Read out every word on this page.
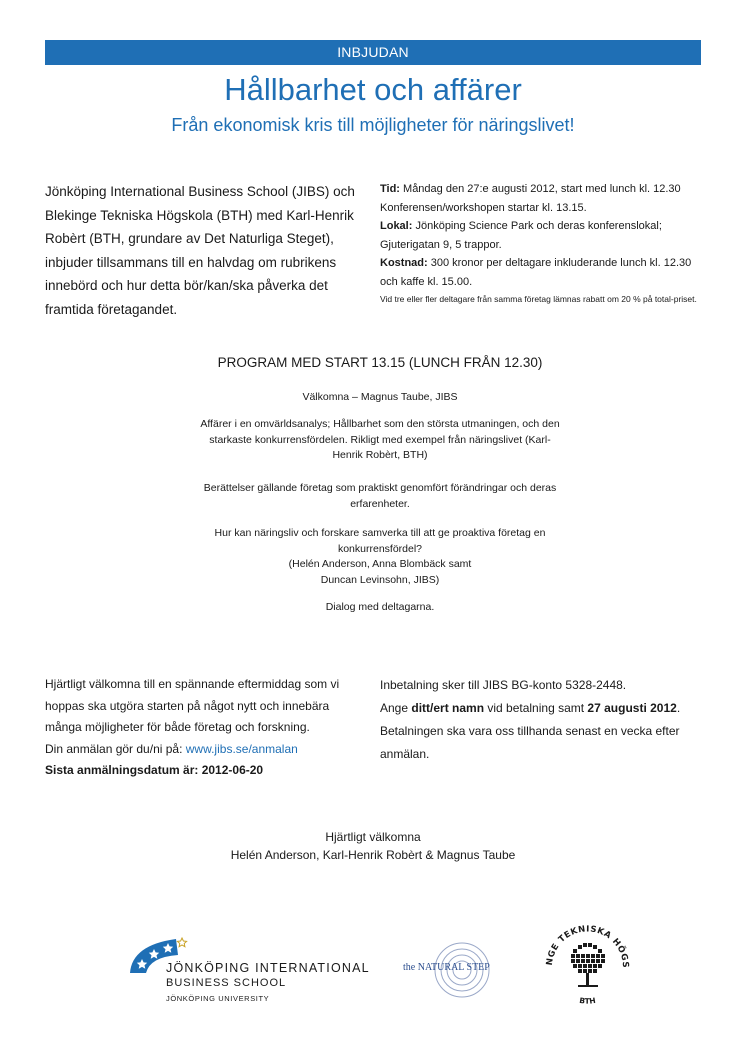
INBJUDAN
Hållbarhet och affärer
Från ekonomisk kris till möjligheter för näringslivet!
Jönköping International Business School (JIBS) och Blekinge Tekniska Högskola (BTH) med Karl-Henrik Robèrt (BTH, grundare av Det Naturliga Steget), inbjuder tillsammans till en halvdag om rubrikens innebörd och hur detta bör/kan/ska påverka det framtida företagandet.
Tid: Måndag den 27:e augusti 2012, start med lunch kl. 12.30 Konferensen/workshopen startar kl. 13.15.
Lokal: Jönköping Science Park och deras konferenslokal; Gjuterigatan 9, 5 trappor.
Kostnad: 300 kronor per deltagare inkluderande lunch kl. 12.30 och kaffe kl. 15.00.
Vid tre eller fler deltagare från samma företag lämnas rabatt om 20 % på total-priset.
PROGRAM MED START 13.15 (LUNCH FRÅN 12.30)
Välkomna – Magnus Taube, JIBS
Affärer i en omvärldsanalys; Hållbarhet som den största utmaningen, och den starkaste konkurrensfördelen. Rikligt med exempel från näringslivet (Karl-Henrik Robèrt, BTH)
Berättelser gällande företag som praktiskt genomfört förändringar och deras erfarenheter.
Hur kan näringsliv och forskare samverka till att ge proaktiva företag en konkurrensfördel?
(Helén Anderson, Anna Blombäck samt
Duncan Levinsohn, JIBS)
Dialog med deltagarna.
Hjärtligt välkomna till en spännande eftermiddag som vi hoppas ska utgöra starten på något nytt och innebära många möjligheter för både företag och forskning.
Din anmälan gör du/ni på: www.jibs.se/anmalan
Sista anmälningsdatum är: 2012-06-20
Inbetalning sker till JIBS BG-konto 5328-2448.
Ange ditt/ert namn vid betalning samt 27 augusti 2012.
Betalningen ska vara oss tillhanda senast en vecka efter anmälan.
Hjärtligt välkomna
Helén Anderson, Karl-Henrik Robèrt & Magnus Taube
JÖNKÖPING INTERNATIONAL
BUSINESS SCHOOL
JÖNKÖPING UNIVERSITY
the NATURAL STEP
NGE TEKNISKA HÖGS
BTH
